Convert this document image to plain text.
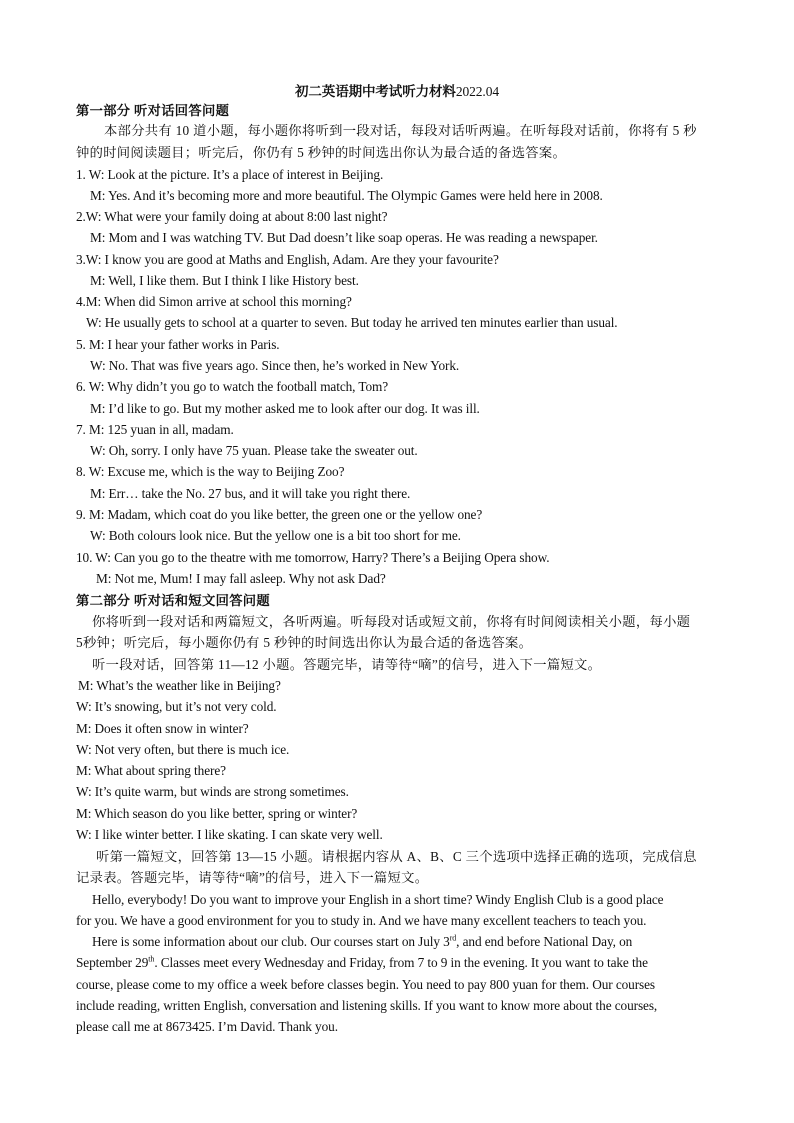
初二英语期中考试听力材料2022.04
第一部分 听对话回答问题
本部分共有 10 道小题，每小题你将听到一段对话，每段对话听两遍。在听每段对话前，你将有 5 秒
钟的时间阅读题目；听完后，你仍有 5 秒钟的时间选出你认为最合适的备选答案。
1. W: Look at the picture. It’s a place of interest in Beijing.
M: Yes. And it’s becoming more and more beautiful. The Olympic Games were held here in 2008.
2.W: What were your family doing at about 8:00 last night?
M: Mom and I was watching TV. But Dad doesn’t like soap operas. He was reading a newspaper.
3.W: I know you are good at Maths and English, Adam. Are they your favourite?
M: Well, I like them. But I think I like History best.
4.M: When did Simon arrive at school this morning?
W: He usually gets to school at a quarter to seven. But today he arrived ten minutes earlier than usual.
5. M: I hear your father works in Paris.
W: No. That was five years ago. Since then, he’s worked in New York.
6. W: Why didn’t you go to watch the football match, Tom?
M: I’d like to go. But my mother asked me to look after our dog. It was ill.
7. M: 125 yuan in all, madam.
W: Oh, sorry. I only have 75 yuan. Please take the sweater out.
8. W: Excuse me, which is the way to Beijing Zoo?
M: Err… take the No. 27 bus, and it will take you right there.
9. M: Madam, which coat do you like better, the green one or the yellow one?
W: Both colours look nice. But the yellow one is a bit too short for me.
10. W: Can you go to the theatre with me tomorrow, Harry? There’s a Beijing Opera show.
M: Not me, Mum! I may fall asleep. Why not ask Dad?
第二部分 听对话和短文回答问题
你将听到一段对话和两篇短文，各听两遍。听每段对话或短文前，你将有时间阅读相关小题，每小题
5秒钟；听完后，每小题你仍有 5 秒钟的时间选出你认为最合适的备选答案。
听一段对话，回答第 11—12 小题。答题完毕，请等待“嘀”的信号，进入下一篇短文。
M: What’s the weather like in Beijing?
W: It’s snowing, but it’s not very cold.
M: Does it often snow in winter?
W: Not very often, but there is much ice.
M: What about spring there?
W: It’s quite warm, but winds are strong sometimes.
M: Which season do you like better, spring or winter?
W: I like winter better. I like skating. I can skate very well.
听第一篇短文，回答第 13—15 小题。请根据内容从 A、B、C 三个选项中选择正确的选项，完成信息
记录表。答题完毕，请等待“嘀”的信号，进入下一篇短文。
Hello, everybody! Do you want to improve your English in a short time? Windy English Club is a good place
for you. We have a good environment for you to study in. And we have many excellent teachers to teach you.
Here is some information about our club. Our courses start on July 3rd, and end before National Day, on
September 29th. Classes meet every Wednesday and Friday, from 7 to 9 in the evening. It you want to take the
course, please come to my office a week before classes begin. You need to pay 800 yuan for them. Our courses
include reading, written English, conversation and listening skills. If you want to know more about the courses,
please call me at 8673425. I’m David. Thank you.
